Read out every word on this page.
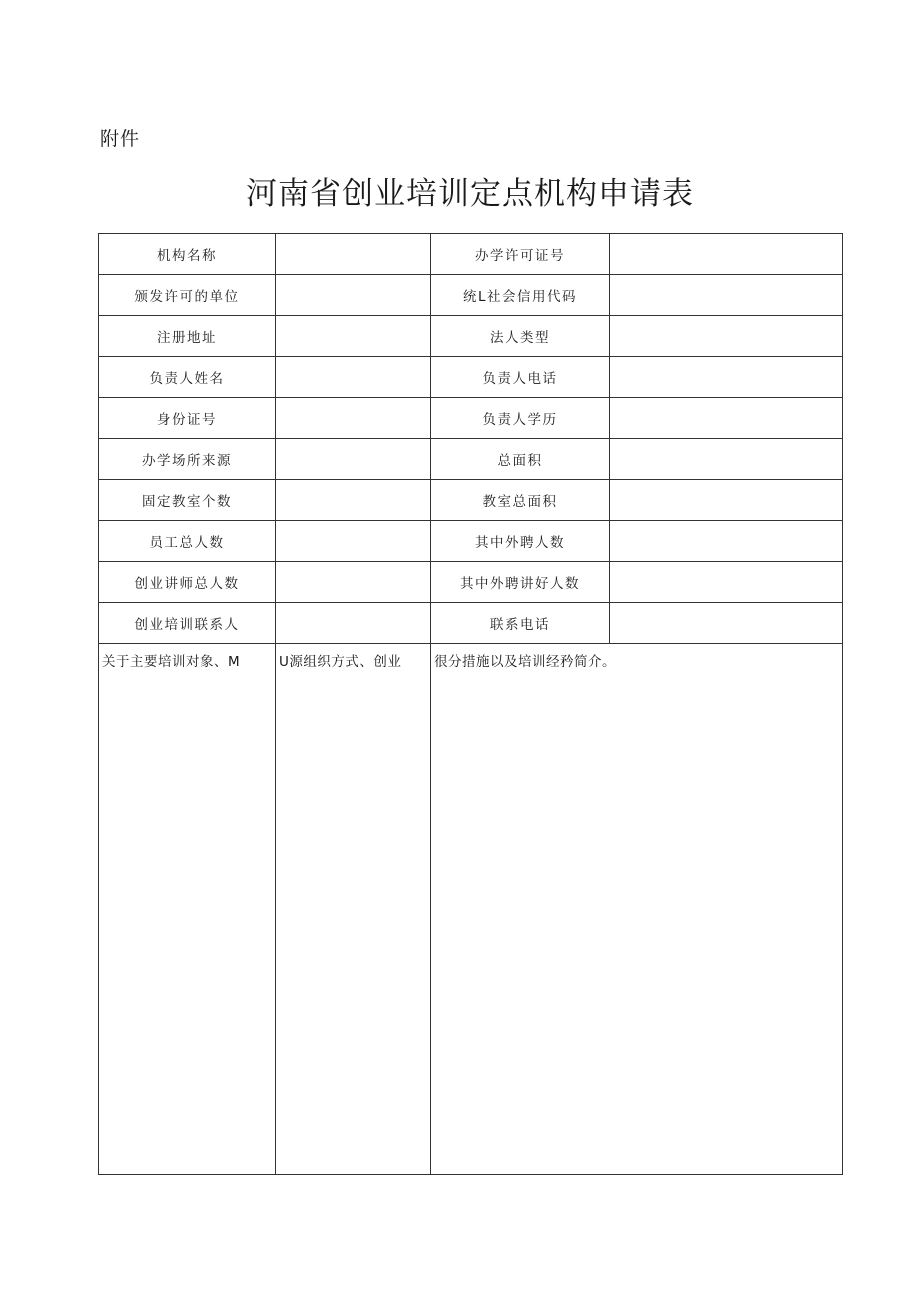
附件
河南省创业培训定点机构申请表
机构名称		办学许可证号	
颁发许可的单位		统L社会信用代码	
注册地址		法人类型	
负责人姓名		负责人电话	
身份证号		负责人学历	
办学场所来源		总面积	
固定教室个数		教室总面积	
员工总人数		其中外聘人数	
创业讲师总人数		其中外聘讲好人数	
创业培训联系人		联系电话	
关于主要培训对象、M	U源组织方式、创业	很分措施以及培训经矜简介。	
